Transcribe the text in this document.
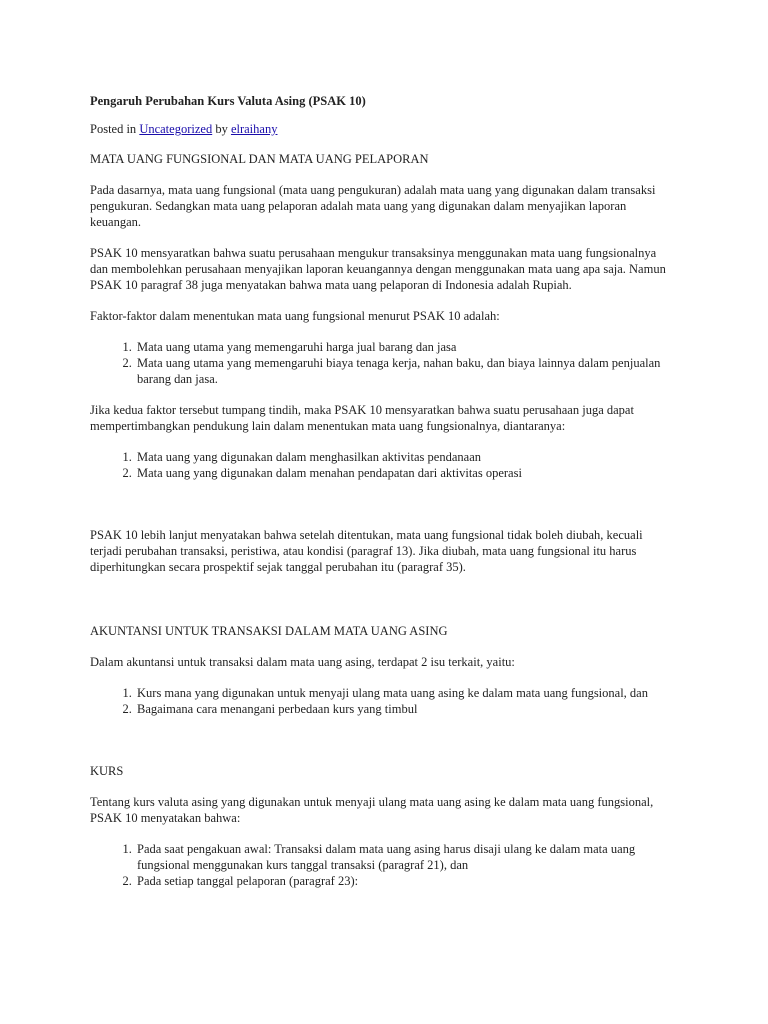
Pengaruh Perubahan Kurs Valuta Asing (PSAK 10)
Posted in Uncategorized by elraihany
MATA UANG FUNGSIONAL DAN MATA UANG PELAPORAN

Pada dasarnya, mata uang fungsional (mata uang pengukuran) adalah mata uang yang digunakan dalam transaksi pengukuran. Sedangkan mata uang pelaporan adalah mata uang yang digunakan dalam menyajikan laporan keuangan.

PSAK 10 mensyaratkan bahwa suatu perusahaan mengukur transaksinya menggunakan mata uang fungsionalnya dan membolehkan perusahaan menyajikan laporan keuangannya dengan menggunakan mata uang apa saja. Namun PSAK 10 paragraf 38 juga menyatakan bahwa mata uang pelaporan di Indonesia adalah Rupiah.

Faktor-faktor dalam menentukan mata uang fungsional menurut PSAK 10 adalah:

1. Mata uang utama yang memengaruhi harga jual barang dan jasa
2. Mata uang utama yang memengaruhi biaya tenaga kerja, nahan baku, dan biaya lainnya dalam penjualan barang dan jasa.

Jika kedua faktor tersebut tumpang tindih, maka PSAK 10 mensyaratkan bahwa suatu perusahaan juga dapat mempertimbangkan pendukung lain dalam menentukan mata uang fungsionalnya, diantaranya:

1. Mata uang yang digunakan dalam menghasilkan aktivitas pendanaan
2. Mata uang yang digunakan dalam menahan pendapatan dari aktivitas operasi

PSAK 10 lebih lanjut menyatakan bahwa setelah ditentukan, mata uang fungsional tidak boleh diubah, kecuali terjadi perubahan transaksi, peristiwa, atau kondisi (paragraf 13). Jika diubah, mata uang fungsional itu harus diperhitungkan secara prospektif sejak tanggal perubahan itu (paragraf 35).

AKUNTANSI UNTUK TRANSAKSI DALAM MATA UANG ASING

Dalam akuntansi untuk transaksi dalam mata uang asing, terdapat 2 isu terkait, yaitu:

1. Kurs mana yang digunakan untuk menyaji ulang mata uang asing ke dalam mata uang fungsional, dan
2. Bagaimana cara menangani perbedaan kurs yang timbul
KURS

Tentang kurs valuta asing yang digunakan untuk menyaji ulang mata uang asing ke dalam mata uang fungsional, PSAK 10 menyatakan bahwa:

1. Pada saat pengakuan awal: Transaksi dalam mata uang asing harus disaji ulang ke dalam mata uang fungsional menggunakan kurs tanggal transaksi (paragraf 21), dan
2. Pada setiap tanggal pelaporan (paragraf 23):
